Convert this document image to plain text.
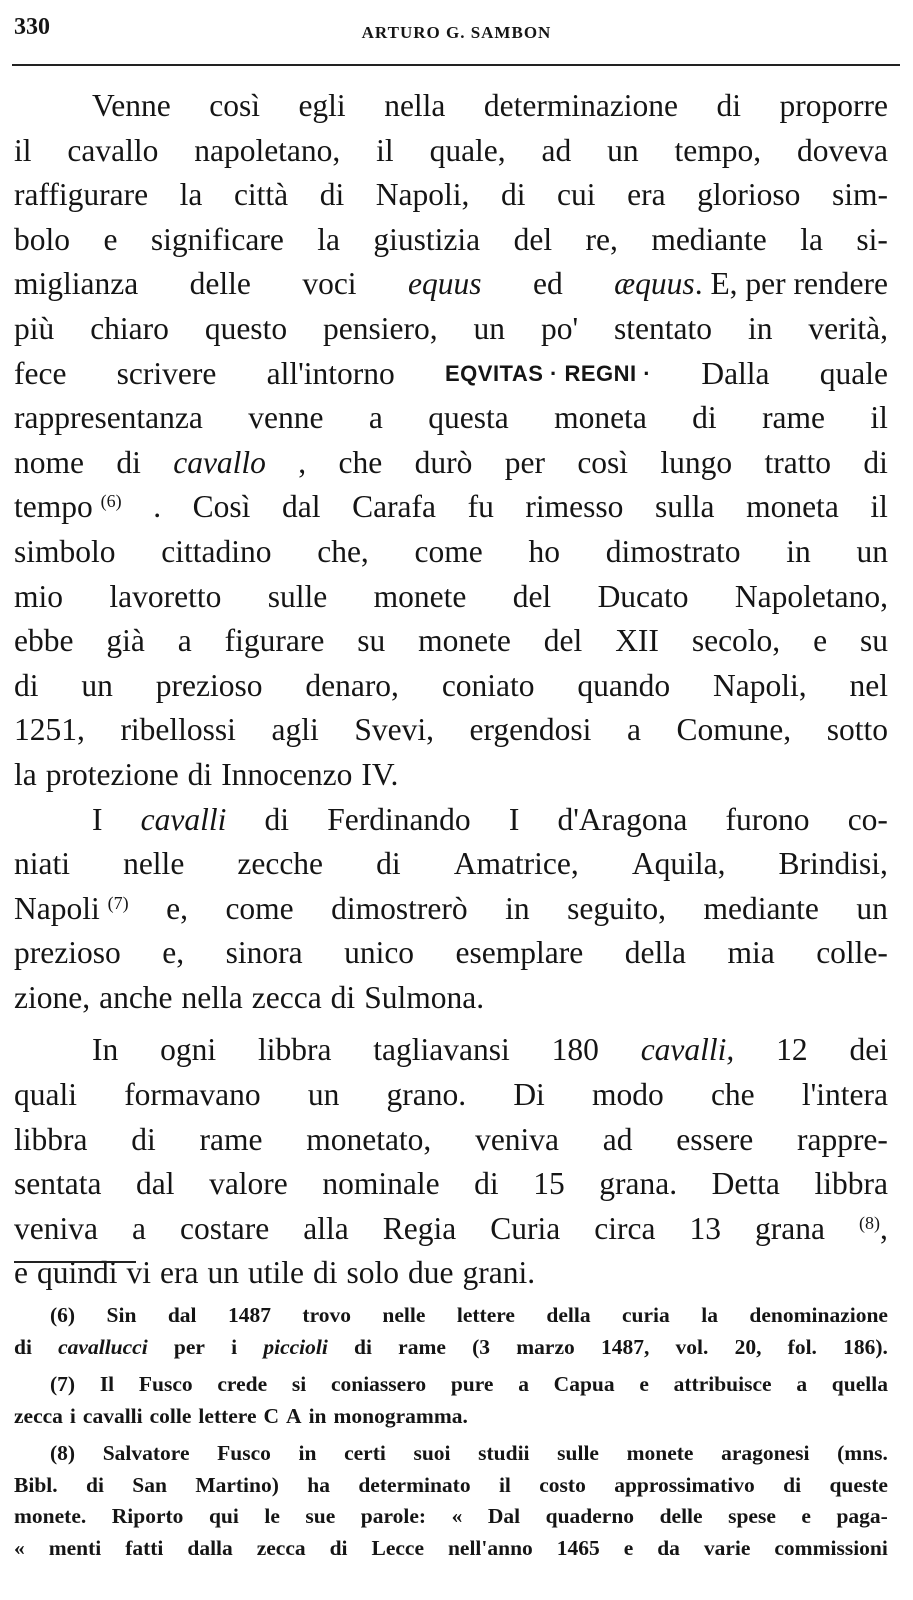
330	ARTURO G. SAMBON
Venne così egli nella determinazione di proporre
il cavallo napoletano, il quale, ad un tempo, doveva
raffigurare la città di Napoli, di cui era glorioso sim-
bolo e significare la giustizia del re, mediante la si-
miglianza delle voci equus ed æquus. E, per rendere
più chiaro questo pensiero, un po' stentato in verità,
fece scrivere all'intorno EQVITAS · REGNI · Dalla quale
rappresentanza venne a questa moneta di rame il
nome di cavallo , che durò per così lungo tratto di
tempo $^{(6)}$ . Così dal Carafa fu rimesso sulla moneta il
simbolo cittadino che, come ho dimostrato in un
mio lavoretto sulle monete del Ducato Napoletano,
ebbe già a figurare su monete del XII secolo, e su
di un prezioso denaro, coniato quando Napoli, nel
1251, ribellossi agli Svevi, ergendosi a Comune, sotto
la protezione di Innocenzo IV.
I cavalli di Ferdinando I d'Aragona furono co-
niati nelle zecche di Amatrice, Aquila, Brindisi,
Napoli $^{(7)}$ e, come dimostrerò in seguito, mediante un
prezioso e, sinora unico esemplare della mia colle-
zione, anche nella zecca di Sulmona.
In ogni libbra tagliavansi 180 cavalli, 12 dei
quali formavano un grano. Di modo che l'intera
libbra di rame monetato, veniva ad essere rappre-
sentata dal valore nominale di 15 grana. Detta libbra
veniva a costare alla Regia Curia circa 13 grana $^{(8)}$,
e quindi vi era un utile di solo due grani.
(6) Sin dal 1487 trovo nelle lettere della curia la denominazione
di cavallucci per i piccioli di rame (3 marzo 1487, vol. 20, fol. 186).
(7) Il Fusco crede si coniassero pure a Capua e attribuisce a quella
zecca i cavalli colle lettere C A in monogramma.
(8) Salvatore Fusco in certi suoi studii sulle monete aragonesi (mns.
Bibl. di San Martino) ha determinato il costo approssimativo di queste
monete. Riporto qui le sue parole: « Dal quaderno delle spese e paga-
« menti fatti dalla zecca di Lecce nell'anno 1465 e da varie commissioni
